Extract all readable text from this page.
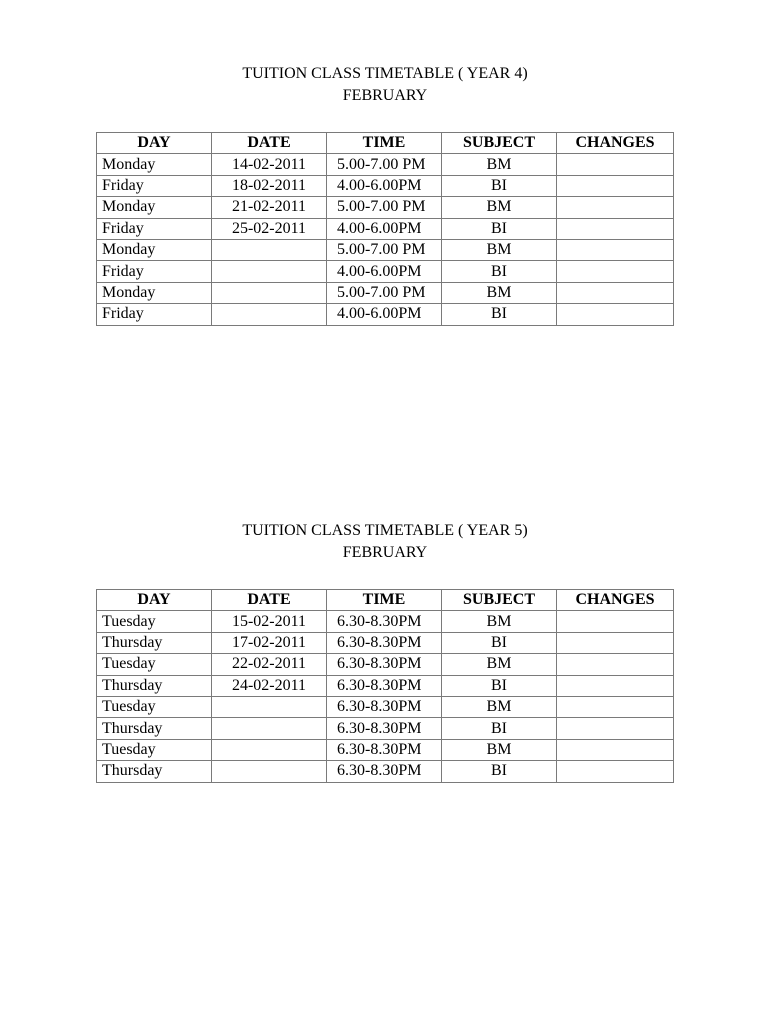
TUITION CLASS TIMETABLE ( YEAR 4)
FEBRUARY
DAY	DATE	TIME	SUBJECT	CHANGES
Monday	14-02-2011	5.00-7.00 PM	BM	
Friday	18-02-2011	4.00-6.00PM	BI	
Monday	21-02-2011	5.00-7.00 PM	BM	
Friday	25-02-2011	4.00-6.00PM	BI	
Monday		5.00-7.00 PM	BM	
Friday		4.00-6.00PM	BI	
Monday		5.00-7.00 PM	BM	
Friday		4.00-6.00PM	BI	
TUITION CLASS TIMETABLE ( YEAR 5)
FEBRUARY
DAY	DATE	TIME	SUBJECT	CHANGES
Tuesday	15-02-2011	6.30-8.30PM	BM	
Thursday	17-02-2011	6.30-8.30PM	BI	
Tuesday	22-02-2011	6.30-8.30PM	BM	
Thursday	24-02-2011	6.30-8.30PM	BI	
Tuesday		6.30-8.30PM	BM	
Thursday		6.30-8.30PM	BI	
Tuesday		6.30-8.30PM	BM	
Thursday		6.30-8.30PM	BI	
